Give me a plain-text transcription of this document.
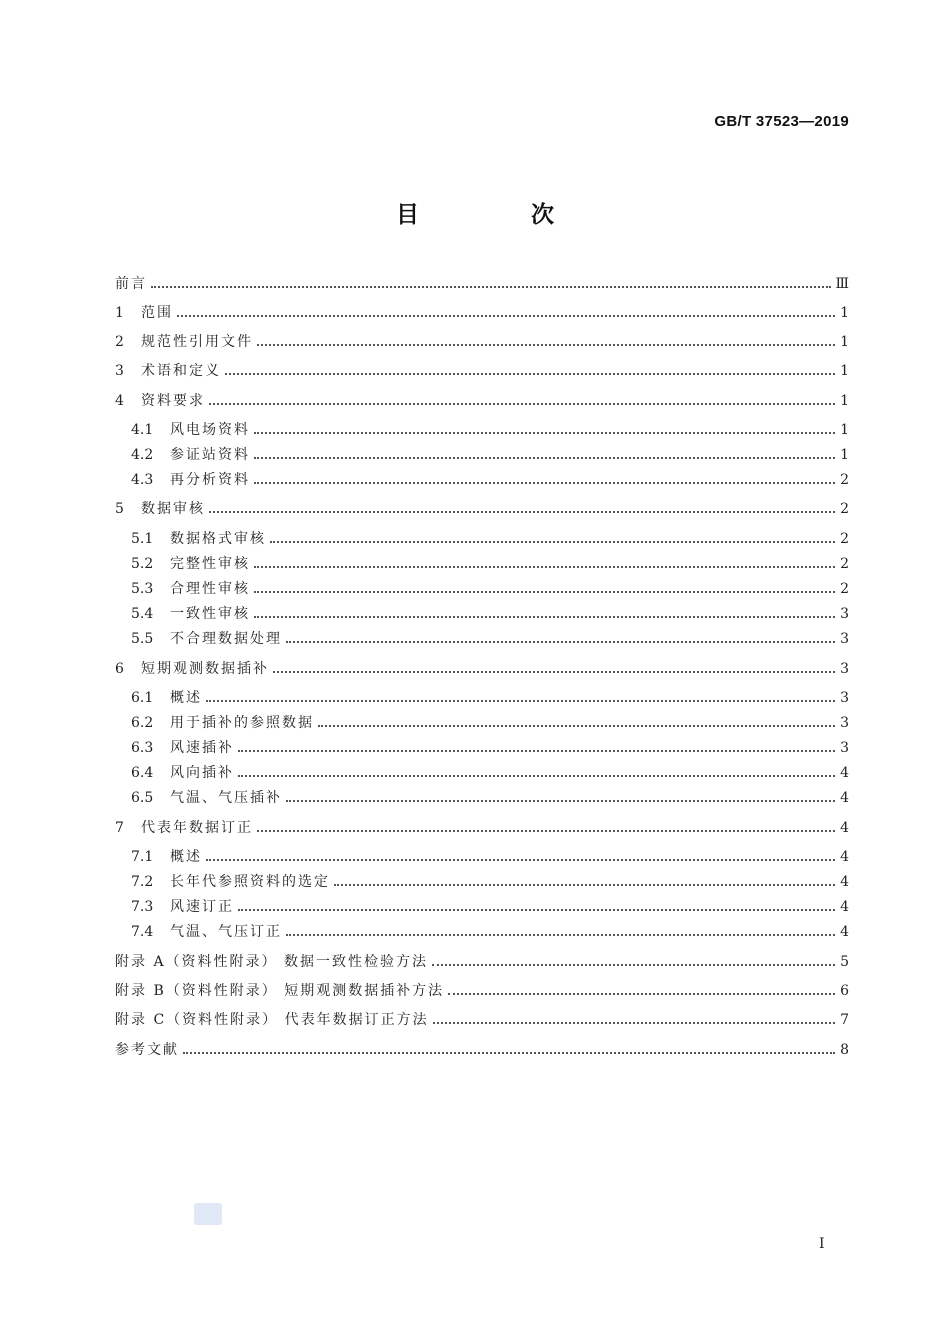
GB/T 37523—2019
目 次
前言	Ⅲ
1	范围	1
2	规范性引用文件	1
3	术语和定义	1
4	资料要求	1
4.1	风电场资料	1
4.2	参证站资料	1
4.3	再分析资料	2
5	数据审核	2
5.1	数据格式审核	2
5.2	完整性审核	2
5.3	合理性审核	2
5.4	一致性审核	3
5.5	不合理数据处理	3
6	短期观测数据插补	3
6.1	概述	3
6.2	用于插补的参照数据	3
6.3	风速插补	3
6.4	风向插补	4
6.5	气温、气压插补	4
7	代表年数据订正	4
7.1	概述	4
7.2	长年代参照资料的选定	4
7.3	风速订正	4
7.4	气温、气压订正	4
附录 A（资料性附录） 数据一致性检验方法	5
附录 B（资料性附录） 短期观测数据插补方法	6
附录 C（资料性附录） 代表年数据订正方法	7
参考文献	8
I
